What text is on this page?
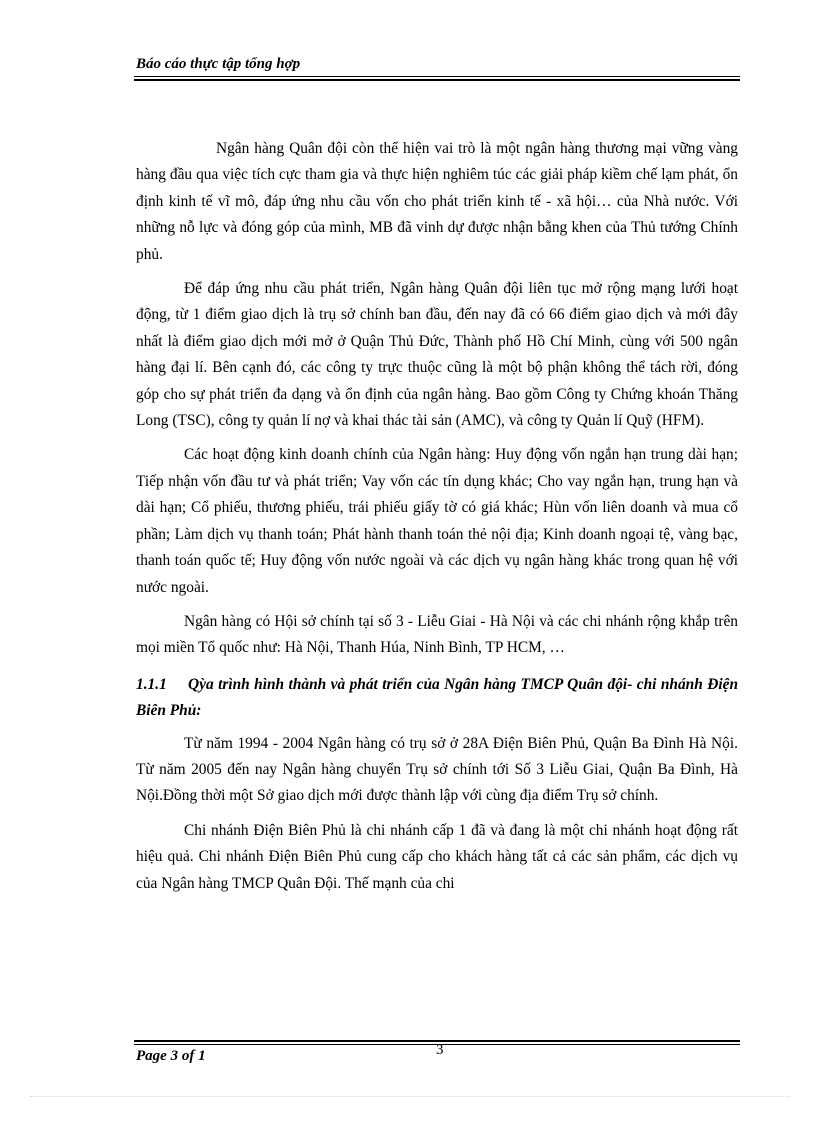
Báo cáo thực tập tổng hợp

Ngân hàng Quân đội còn thể hiện vai trò là một ngân hàng thương mại vững vàng hàng đầu qua việc tích cực tham gia và thực hiện nghiêm túc các giải pháp kiềm chế lạm phát, ổn định kinh tế vĩ mô, đáp ứng nhu cầu vốn cho phát triển kinh tế - xã hội… của Nhà nước. Với những nỗ lực và đóng góp của mình, MB đã vinh dự được nhận bằng khen của Thủ tướng Chính phủ.

Để đáp ứng nhu cầu phát triển, Ngân hàng Quân đội liên tục mở rộng mạng lưới hoạt động, từ 1 điểm giao dịch là trụ sở chính ban đầu, đến nay đã có 66 điểm giao dịch và mới đây nhất là điểm giao dịch mới mở ở Quận Thủ Đức, Thành phố Hồ Chí Minh, cùng với 500 ngân hàng đại lí. Bên cạnh đó, các công ty trực thuộc cũng là một bộ phận không thể tách rời, đóng góp cho sự phát triển đa dạng và ổn định của ngân hàng. Bao gồm Công ty Chứng khoán Thăng Long (TSC), công ty quản lí nợ và khai thác tài sản (AMC), và công ty Quản lí Quỹ (HFM).

Các hoạt động kinh doanh chính của Ngân hàng: Huy động vốn ngắn hạn trung dài hạn; Tiếp nhận vốn đầu tư và phát triển; Vay vốn các tín dụng khác; Cho vay ngắn hạn, trung hạn và dài hạn; Cổ phiếu, thương phiếu, trái phiếu giấy tờ có giá khác; Hùn vốn liên doanh và mua cổ phần; Làm dịch vụ thanh toán; Phát hành thanh toán thẻ nội địa; Kinh doanh ngoại tệ, vàng bạc, thanh toán quốc tế; Huy động vốn nước ngoài và các dịch vụ ngân hàng khác trong quan hệ với nước ngoài.

Ngân hàng có Hội sở chính tại số 3 - Liễu Giai - Hà Nội và các chi nhánh rộng khắp trên mọi miền Tổ quốc như: Hà Nội, Thanh Húa, Ninh Bình, TP HCM, …

1.1.1 Qỳa trình hình thành và phát triển của Ngân hàng TMCP Quân đội- chi nhánh Điện Biên Phủ:

Từ năm 1994 - 2004 Ngân hàng có trụ sở ở 28A Điện Biên Phủ, Quận Ba Đình Hà Nội. Từ năm 2005 đến nay Ngân hàng chuyển Trụ sở chính tới Số 3 Liễu Giai, Quận Ba Đình, Hà Nội.Đồng thời một Sở giao dịch mới được thành lập với cùng địa điểm Trụ sở chính.

Chi nhánh Điện Biên Phủ là chi nhánh cấp 1 đã và đang là một chi nhánh hoạt động rất hiệu quả. Chi nhánh Điện Biên Phủ cung cấp cho khách hàng tất cả các sản phẩm, các dịch vụ của Ngân hàng TMCP Quân Đội. Thế mạnh của chi

3
Page 3 of 1
